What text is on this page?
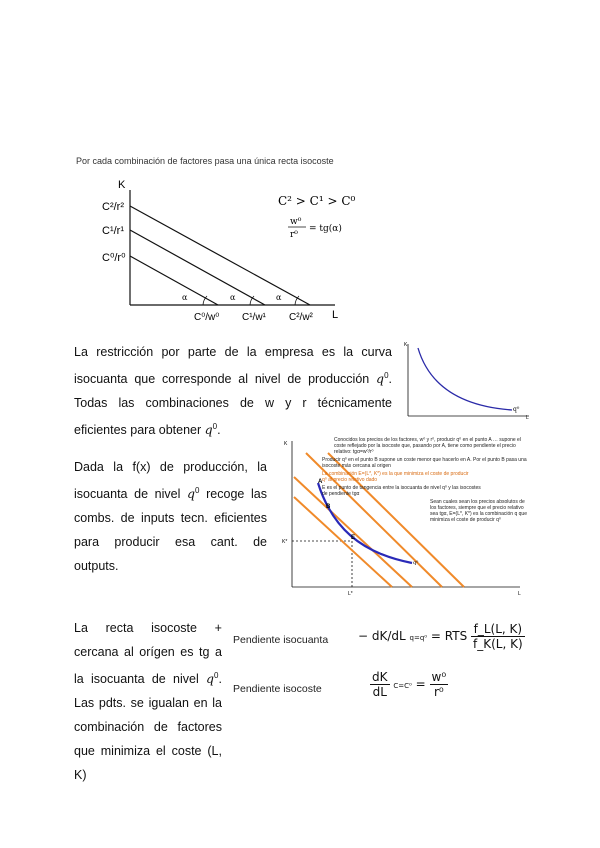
Por cada combinación de factores pasa una única recta isocoste
K
L
C²/r²
C¹/r¹
C⁰/r⁰
C⁰/w⁰ C¹/w¹ C²/w²
α	α	α
C² > C¹ > C⁰
w⁰
r⁰
= tg(α)
La restricción por parte de la empresa es la curva isocuanta que corresponde al nivel de producción $q^0$. Todas las combinaciones de w y r técnicamente eficientes para obtener $q^0$.
K
L
q⁰
Dada la f(x) de producción, la isocuanta de nivel $q^0$ recoge las combs. de inputs tecn. eficientes para producir esa cant. de outputs.
K
L
K*
L*
A
B
E
q⁰
Conocidos los precios de los factores, w⁰ y r⁰, producir q⁰ en el punto A … supone el coste reflejado por la isocoste que, pasando por A, tiene como pendiente el precio relativo: tgα=w⁰/r⁰
Producir q⁰ en el punto B supone un coste menor que hacerlo en A. Por el punto B pasa una isocoste más cercana al origen
La combinación E=(L*, K*) es la que minimiza el coste de producir q⁰ al precio relativo dado
E es el punto de tangencia entre la isocuanta de nivel q⁰ y las isocostes de pendiente tgα
Sean cuales sean los precios absolutos de los factores, siempre que el precio relativo sea tgα, E=(L*, K*) es la combinación q que minimiza el coste de producir q⁰
La recta isocoste + cercana al orígen es tg a la isocuanta de nivel $q^0$. Las pdts. se igualan en la combinación de factores que minimiza el coste (L, K)
Pendiente isocuanta
Pendiente isocoste
− dK/dL q=q⁰ = RTS $\frac{f\_L(L, K)}{f\_K(L, K)}$
$\frac{dK}{dL} C=C^0 = \frac{\text{w⁰}}{\text{r⁰}}$
